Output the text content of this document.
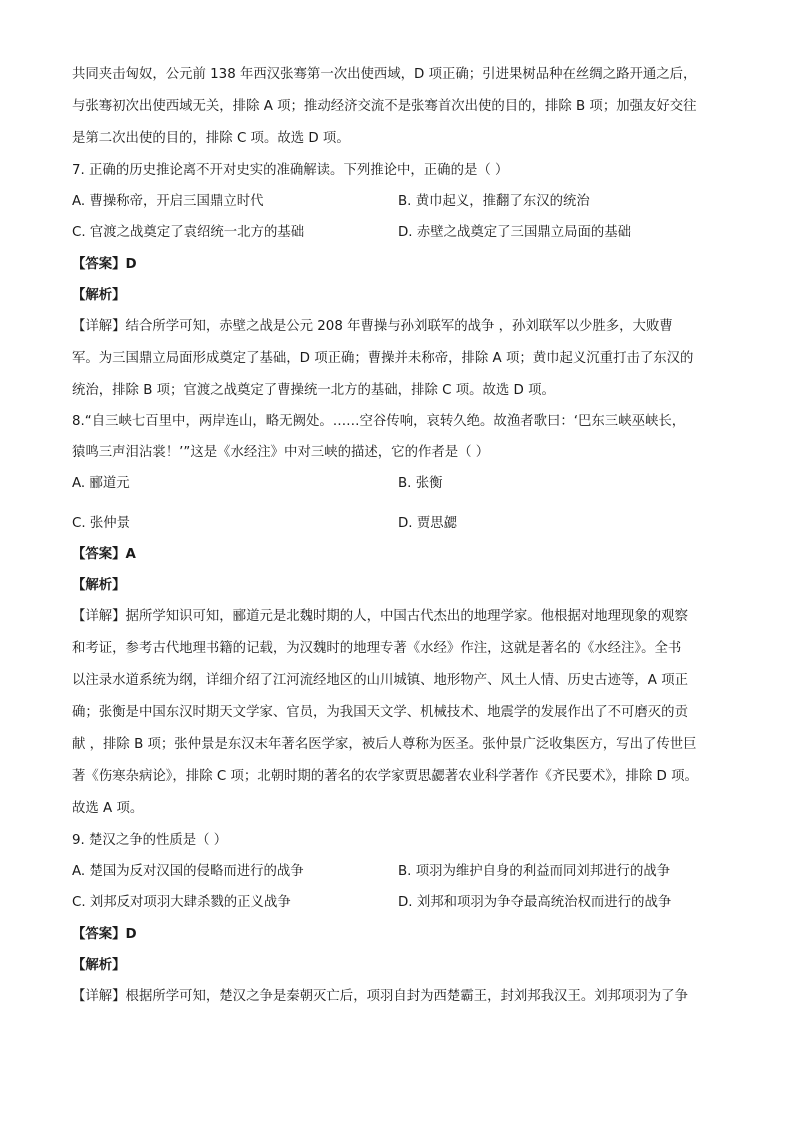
共同夹击匈奴，公元前 138 年西汉张骞第一次出使西域，D 项正确；引进果树品种在丝绸之路开通之后，
与张骞初次出使西域无关，排除 A 项；推动经济交流不是张骞首次出使的目的，排除 B 项；加强友好交往
是第二次出使的目的，排除 C 项。故选 D 项。
7. 正确的历史推论离不开对史实的准确解读。下列推论中，正确的是（ ）
A. 曹操称帝，开启三国鼎立时代	B. 黄巾起义，推翻了东汉的统治
C. 官渡之战奠定了袁绍统一北方的基础	D. 赤壁之战奠定了三国鼎立局面的基础
【答案】D
【解析】
【详解】结合所学可知，赤壁之战是公元 208 年曹操与孙刘联军的战争 ，孙刘联军以少胜多，大败曹
军。为三国鼎立局面形成奠定了基础，D 项正确；曹操并未称帝，排除 A 项；黄巾起义沉重打击了东汉的
统治，排除 B 项；官渡之战奠定了曹操统一北方的基础，排除 C 项。故选 D 项。
8.“自三峡七百里中，两岸连山，略无阙处。……空谷传响，哀转久绝。故渔者歌曰：‘巴东三峡巫峡长，
猿鸣三声泪沾裳！’”这是《水经注》中对三峡的描述，它的作者是（ ）
A. 郦道元	B. 张衡
C. 张仲景	D. 贾思勰
【答案】A
【解析】
【详解】据所学知识可知，郦道元是北魏时期的人，中国古代杰出的地理学家。他根据对地理现象的观察
和考证，参考古代地理书籍的记载，为汉魏时的地理专著《水经》作注，这就是著名的《水经注》。全书
以注录水道系统为纲，详细介绍了江河流经地区的山川城镇、地形物产、风土人情、历史古迹等，A 项正
确；张衡是中国东汉时期天文学家、官员，为我国天文学、机械技术、地震学的发展作出了不可磨灭的贡
献 ，排除 B 项；张仲景是东汉末年著名医学家，被后人尊称为医圣。张仲景广泛收集医方，写出了传世巨
著《伤寒杂病论》，排除 C 项；北朝时期的著名的农学家贾思勰著农业科学著作《齐民要术》，排除 D 项。
故选 A 项。
9. 楚汉之争的性质是（ ）
A. 楚国为反对汉国的侵略而进行的战争	B. 项羽为维护自身的利益而同刘邦进行的战争
C. 刘邦反对项羽大肆杀戮的正义战争	D. 刘邦和项羽为争夺最高统治权而进行的战争
【答案】D
【解析】
【详解】根据所学可知，楚汉之争是秦朝灭亡后，项羽自封为西楚霸王，封刘邦我汉王。刘邦项羽为了争
